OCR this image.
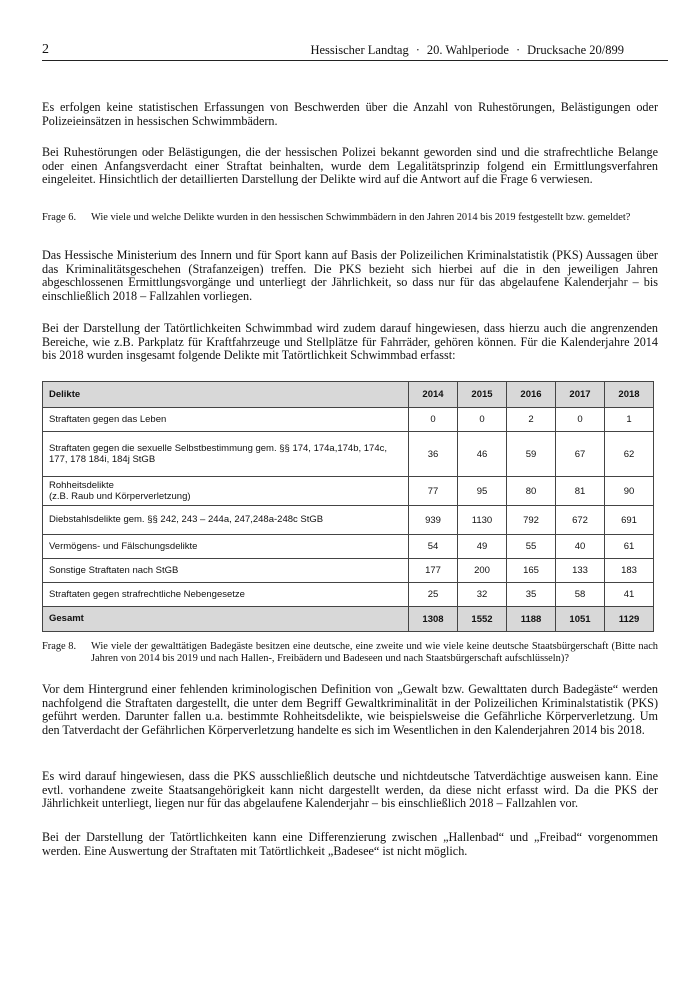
2	Hessischer Landtag · 20. Wahlperiode · Drucksache 20/899

Es erfolgen keine statistischen Erfassungen von Beschwerden über die Anzahl von Ruhestörungen, Belästigungen oder Polizeieinsätzen in hessischen Schwimmbädern.

Bei Ruhestörungen oder Belästigungen, die der hessischen Polizei bekannt geworden sind und die strafrechtliche Belange oder einen Anfangsverdacht einer Straftat beinhalten, wurde dem Legalitätsprinzip folgend ein Ermittlungsverfahren eingeleitet. Hinsichtlich der detaillierten Darstellung der Delikte wird auf die Antwort auf die Frage 6 verwiesen.

Frage 6. Wie viele und welche Delikte wurden in den hessischen Schwimmbädern in den Jahren 2014 bis 2019 festgestellt bzw. gemeldet?

Das Hessische Ministerium des Innern und für Sport kann auf Basis der Polizeilichen Kriminalstatistik (PKS) Aussagen über das Kriminalitätsgeschehen (Strafanzeigen) treffen. Die PKS bezieht sich hierbei auf die in den jeweiligen Jahren abgeschlossenen Ermittlungsvorgänge und unterliegt der Jährlichkeit, so dass nur für das abgelaufene Kalenderjahr – bis einschließlich 2018 – Fallzahlen vorliegen.

Bei der Darstellung der Tatörtlichkeiten Schwimmbad wird zudem darauf hingewiesen, dass hierzu auch die angrenzenden Bereiche, wie z.B. Parkplatz für Kraftfahrzeuge und Stellplätze für Fahrräder, gehören können. Für die Kalenderjahre 2014 bis 2018 wurden insgesamt folgende Delikte mit Tatörtlichkeit Schwimmbad erfasst:

Delikte	2014	2015	2016	2017	2018
Straftaten gegen das Leben	0	0	2	0	1
Straftaten gegen die sexuelle Selbstbestimmung gem. §§ 174, 174a,174b, 174c, 177, 178 184i, 184j StGB	36	46	59	67	62
Rohheitsdelikte
(z.B. Raub und Körperverletzung)	77	95	80	81	90
Diebstahlsdelikte gem. §§ 242, 243 – 244a, 247,248a-248c StGB	939	1130	792	672	691
Vermögens- und Fälschungsdelikte	54	49	55	40	61
Sonstige Straftaten nach StGB	177	200	165	133	183
Straftaten gegen strafrechtliche Nebengesetze	25	32	35	58	41
Gesamt	1308	1552	1188	1051	1129
Frage 8. Wie viele der gewalttätigen Badegäste besitzen eine deutsche, eine zweite und wie viele keine deutsche Staatsbürgerschaft (Bitte nach Jahren von 2014 bis 2019 und nach Hallen-, Freibädern und Badeseen und nach Staatsbürgerschaft aufschlüsseln)?

Vor dem Hintergrund einer fehlenden kriminologischen Definition von „Gewalt bzw. Gewalttaten durch Badegäste“ werden nachfolgend die Straftaten dargestellt, die unter dem Begriff Gewaltkriminalität in der Polizeilichen Kriminalstatistik (PKS) geführt werden. Darunter fallen u.a. bestimmte Rohheitsdelikte, wie beispielsweise die Gefährliche Körperverletzung. Um den Tatverdacht der Gefährlichen Körperverletzung handelte es sich im Wesentlichen in den Kalenderjahren 2014 bis 2018.

Es wird darauf hingewiesen, dass die PKS ausschließlich deutsche und nichtdeutsche Tatverdächtige ausweisen kann. Eine evtl. vorhandene zweite Staatsangehörigkeit kann nicht dargestellt werden, da diese nicht erfasst wird. Da die PKS der Jährlichkeit unterliegt, liegen nur für das abgelaufene Kalenderjahr – bis einschließlich 2018 – Fallzahlen vor.

Bei der Darstellung der Tatörtlichkeiten kann eine Differenzierung zwischen „Hallenbad“ und „Freibad“ vorgenommen werden. Eine Auswertung der Straftaten mit Tatörtlichkeit „Badesee“ ist nicht möglich.
